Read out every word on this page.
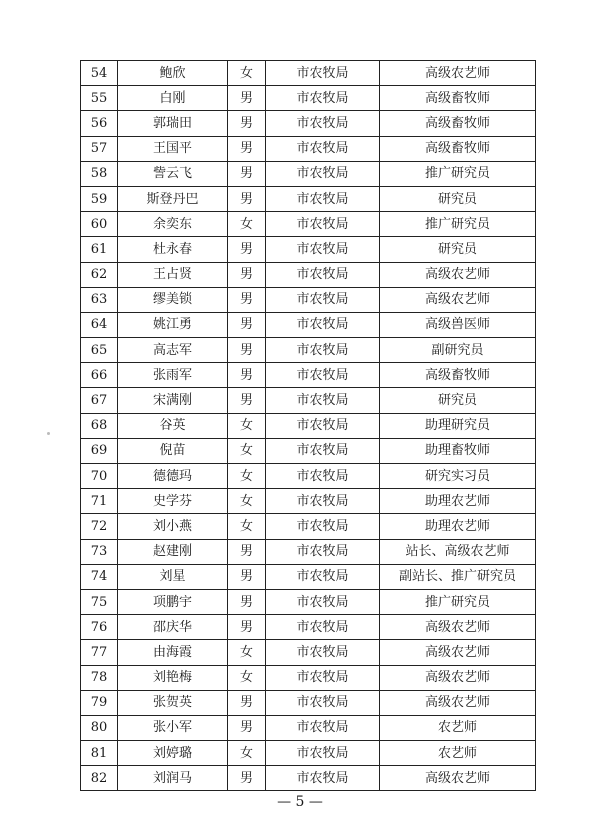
54	鲍欣	女	市农牧局	高级农艺师
55	白刚	男	市农牧局	高级畜牧师
56	郭瑞田	男	市农牧局	高级畜牧师
57	王国平	男	市农牧局	高级畜牧师
58	訾云飞	男	市农牧局	推广研究员
59	斯登丹巴	男	市农牧局	研究员
60	余奕东	女	市农牧局	推广研究员
61	杜永春	男	市农牧局	研究员
62	王占贤	男	市农牧局	高级农艺师
63	缪美锁	男	市农牧局	高级农艺师
64	姚江勇	男	市农牧局	高级兽医师
65	高志军	男	市农牧局	副研究员
66	张雨军	男	市农牧局	高级畜牧师
67	宋满刚	男	市农牧局	研究员
68	谷英	女	市农牧局	助理研究员
69	倪苗	女	市农牧局	助理畜牧师
70	德德玛	女	市农牧局	研究实习员
71	史学芬	女	市农牧局	助理农艺师
72	刘小燕	女	市农牧局	助理农艺师
73	赵建刚	男	市农牧局	站长、高级农艺师
74	刘星	男	市农牧局	副站长、推广研究员
75	项鹏宇	男	市农牧局	推广研究员
76	邵庆华	男	市农牧局	高级农艺师
77	由海霞	女	市农牧局	高级农艺师
78	刘艳梅	女	市农牧局	高级农艺师
79	张贺英	男	市农牧局	高级农艺师
80	张小军	男	市农牧局	农艺师
81	刘婷璐	女	市农牧局	农艺师
82	刘润马	男	市农牧局	高级农艺师
— 5 —
